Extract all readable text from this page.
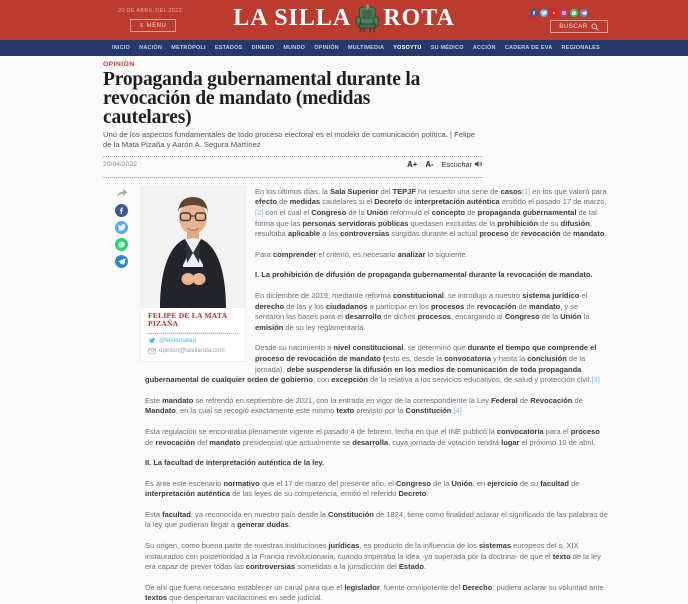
20 DE ABRIL DEL 2022
≡ MENU	LA SILLA ROTA	BUSCAR
INICIO NACIÓN METRÓPOLI ESTADOS DINERO MUNDO OPINIÓN MULTIMEDIA YOSOYTÚ SU MÉDICO ACCIÓN CADERA DE EVA REGIONALES
OPINIÓN
Propaganda gubernamental durante la
revocación de mandato (medidas
cautelares)
Uno de los aspectos fundamentales de todo proceso electoral es el modelo de comunicación política. | Felipe
de la Mata Pizaña y Aarón A. Segura Martínez
20/04/2022	A+ A- Escuchar
FELIPE DE LA MATA
PIZAÑA
@fdelamatap
opinion@lasillarota.com

En los últimos días, la Sala Superior del TEPJF ha resuelto una serie de casos[1] en los que valoró para efecto de medidas cautelares si el Decreto de interpretación auténtica emitido el pasado 17 de marzo,[2] con el cual el Congreso de la Unión reformuló el concepto de propaganda gubernamental de tal forma que las personas servidoras públicas quedasen excluidas de la prohibición de su difusión, resultaba aplicable a las controversias surgidas durante el actual proceso de revocación de mandato.

Para comprender el criterio, es necesario analizar lo siguiente.

I. La prohibición de difusión de propaganda gubernamental durante la revocación de mandato.

En diciembre de 2019, mediante reforma constitucional, se introdujo a nuestro sistema jurídico el derecho de las y los ciudadanos a participar en los procesos de revocación de mandato, y se sentaron las bases para el desarrollo de dichos procesos, encargando al Congreso de la Unión la emisión de su ley reglamentaria.

Desde su nacimiento a nivel constitucional, se determinó que durante el tiempo que comprende el proceso de revocación de mandato (esto es, desde la convocatoria y hasta la conclusión de la jornada), debe suspenderse la difusión en los medios de comunicación de toda propaganda gubernamental de cualquier orden de gobierno, con excepción de la relativa a los servicios educativos, de salud y protección civil.[3]

Este mandato se refrendó en septiembre de 2021, con la entrada en vigor de la correspondiente la Ley Federal de Revocación de Mandato, en la cual se recogió exactamente este mismo texto previsto por la Constitución.[4]

Esta regulación se encontraba plenamente vigente el pasado 4 de febrero, fecha en que el INE publicó la convocatoria para el proceso de revocación del mandato presidencial que actualmente se desarrolla, cuya jornada de votación tendrá lugar el próximo 10 de abril.

II. La facultad de interpretación auténtica de la ley.

Es ante este escenario normativo que el 17 de marzo del presente año, el Congreso de la Unión, en ejercicio de su facultad de interpretación auténtica de las leyes de su competencia, emitió el referido Decreto.

Esta facultad, ya reconocida en nuestro país desde la Constitución de 1824, tiene como finalidad aclarar el significado de las palabras de la ley que pudieran llegar a generar dudas.

Su origen, como buena parte de nuestras instituciones jurídicas, es producto de la influencia de los sistemas europeos del s. XIX instaurados con posterioridad a la Francia revolucionaria, cuando imperaba la idea -ya superada por la doctrina- de que el texto de la ley era capaz de prever todas las controversias sometidas a la jurisdicción del Estado.

De ahí que fuera necesario establecer un canal para que el legislador, fuente omnipotente del Derecho, pudiera aclarar su voluntad ante textos que despertaran vacilaciones en sede judicial.
